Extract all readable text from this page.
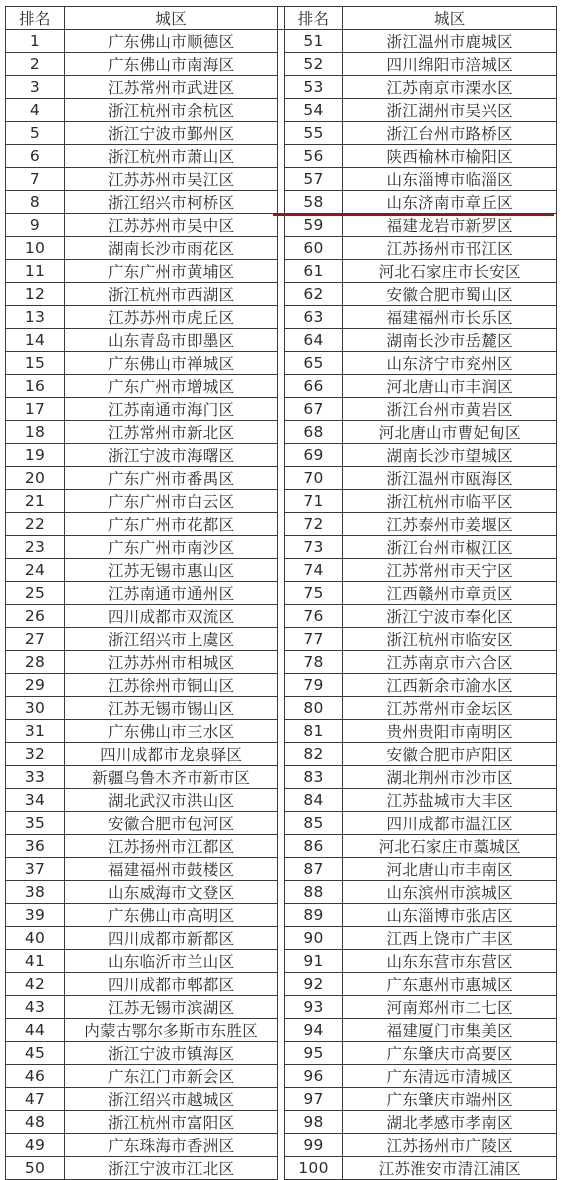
排名	城区		排名	城区
1	广东佛山市顺德区		51	浙江温州市鹿城区
2	广东佛山市南海区		52	四川绵阳市涪城区
3	江苏常州市武进区		53	江苏南京市溧水区
4	浙江杭州市余杭区		54	浙江湖州市吴兴区
5	浙江宁波市鄞州区		55	浙江台州市路桥区
6	浙江杭州市萧山区		56	陕西榆林市榆阳区
7	江苏苏州市吴江区		57	山东淄博市临淄区
8	浙江绍兴市柯桥区		58	山东济南市章丘区
9	江苏苏州市吴中区		59	福建龙岩市新罗区
10	湖南长沙市雨花区		60	江苏扬州市邗江区
11	广东广州市黄埔区		61	河北石家庄市长安区
12	浙江杭州市西湖区		62	安徽合肥市蜀山区
13	江苏苏州市虎丘区		63	福建福州市长乐区
14	山东青岛市即墨区		64	湖南长沙市岳麓区
15	广东佛山市禅城区		65	山东济宁市兖州区
16	广东广州市增城区		66	河北唐山市丰润区
17	江苏南通市海门区		67	浙江台州市黄岩区
18	江苏常州市新北区		68	河北唐山市曹妃甸区
19	浙江宁波市海曙区		69	湖南长沙市望城区
20	广东广州市番禺区		70	浙江温州市瓯海区
21	广东广州市白云区		71	浙江杭州市临平区
22	广东广州市花都区		72	江苏泰州市姜堰区
23	广东广州市南沙区		73	浙江台州市椒江区
24	江苏无锡市惠山区		74	江苏常州市天宁区
25	江苏南通市通州区		75	江西赣州市章贡区
26	四川成都市双流区		76	浙江宁波市奉化区
27	浙江绍兴市上虞区		77	浙江杭州市临安区
28	江苏苏州市相城区		78	江苏南京市六合区
29	江苏徐州市铜山区		79	江西新余市渝水区
30	江苏无锡市锡山区		80	江苏常州市金坛区
31	广东佛山市三水区		81	贵州贵阳市南明区
32	四川成都市龙泉驿区		82	安徽合肥市庐阳区
33	新疆乌鲁木齐市新市区		83	湖北荆州市沙市区
34	湖北武汉市洪山区		84	江苏盐城市大丰区
35	安徽合肥市包河区		85	四川成都市温江区
36	江苏扬州市江都区		86	河北石家庄市藁城区
37	福建福州市鼓楼区		87	河北唐山市丰南区
38	山东威海市文登区		88	山东滨州市滨城区
39	广东佛山市高明区		89	山东淄博市张店区
40	四川成都市新都区		90	江西上饶市广丰区
41	山东临沂市兰山区		91	山东东营市东营区
42	四川成都市郫都区		92	广东惠州市惠城区
43	江苏无锡市滨湖区		93	河南郑州市二七区
44	内蒙古鄂尔多斯市东胜区		94	福建厦门市集美区
45	浙江宁波市镇海区		95	广东肇庆市高要区
46	广东江门市新会区		96	广东清远市清城区
47	浙江绍兴市越城区		97	广东肇庆市端州区
48	浙江杭州市富阳区		98	湖北孝感市孝南区
49	广东珠海市香洲区		99	江苏扬州市广陵区
50	浙江宁波市江北区		100	江苏淮安市清江浦区
